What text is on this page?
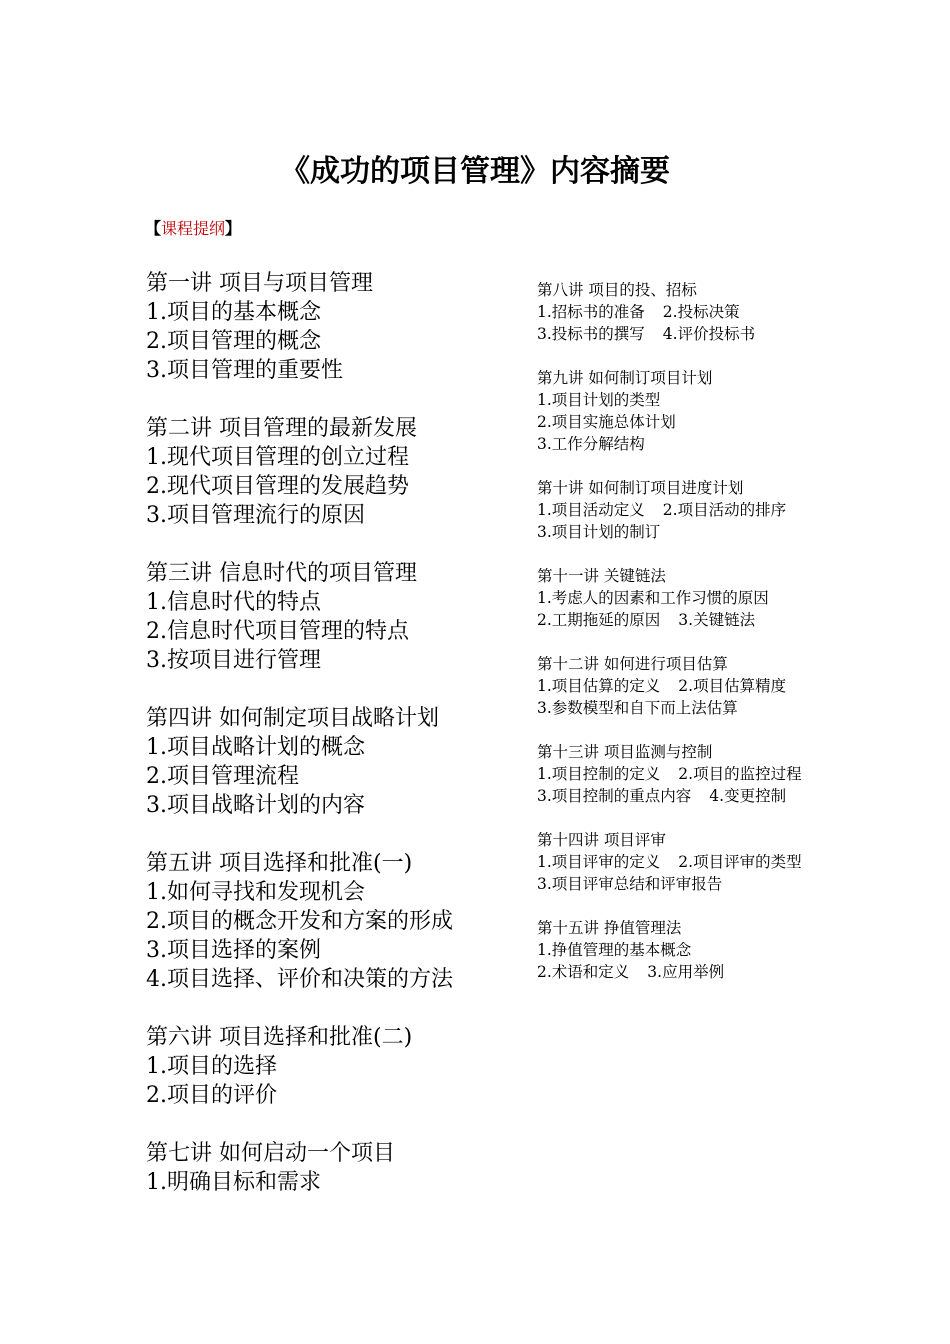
《成功的项目管理》内容摘要
【课程提纲】
第一讲 项目与项目管理
1.项目的基本概念
2.项目管理的概念
3.项目管理的重要性
第二讲 项目管理的最新发展
1.现代项目管理的创立过程
2.现代项目管理的发展趋势
3.项目管理流行的原因
第三讲 信息时代的项目管理
1.信息时代的特点
2.信息时代项目管理的特点
3.按项目进行管理
第四讲 如何制定项目战略计划
1.项目战略计划的概念
2.项目管理流程
3.项目战略计划的内容
第五讲 项目选择和批准(一)
1.如何寻找和发现机会
2.项目的概念开发和方案的形成
3.项目选择的案例
4.项目选择、评价和决策的方法
第六讲 项目选择和批准(二)
1.项目的选择
2.项目的评价
第七讲 如何启动一个项目
1.明确目标和需求
第八讲 项目的投、招标
1.招标书的准备 2.投标决策
3.投标书的撰写 4.评价投标书
第九讲 如何制订项目计划
1.项目计划的类型
2.项目实施总体计划
3.工作分解结构
第十讲 如何制订项目进度计划
1.项目活动定义 2.项目活动的排序
3.项目计划的制订
第十一讲 关键链法
1.考虑人的因素和工作习惯的原因
2.工期拖延的原因 3.关键链法
第十二讲 如何进行项目估算
1.项目估算的定义 2.项目估算精度
3.参数模型和自下而上法估算
第十三讲 项目监测与控制
1.项目控制的定义 2.项目的监控过程
3.项目控制的重点内容 4.变更控制
第十四讲 项目评审
1.项目评审的定义 2.项目评审的类型
3.项目评审总结和评审报告
第十五讲 挣值管理法
1.挣值管理的基本概念
2.术语和定义 3.应用举例
